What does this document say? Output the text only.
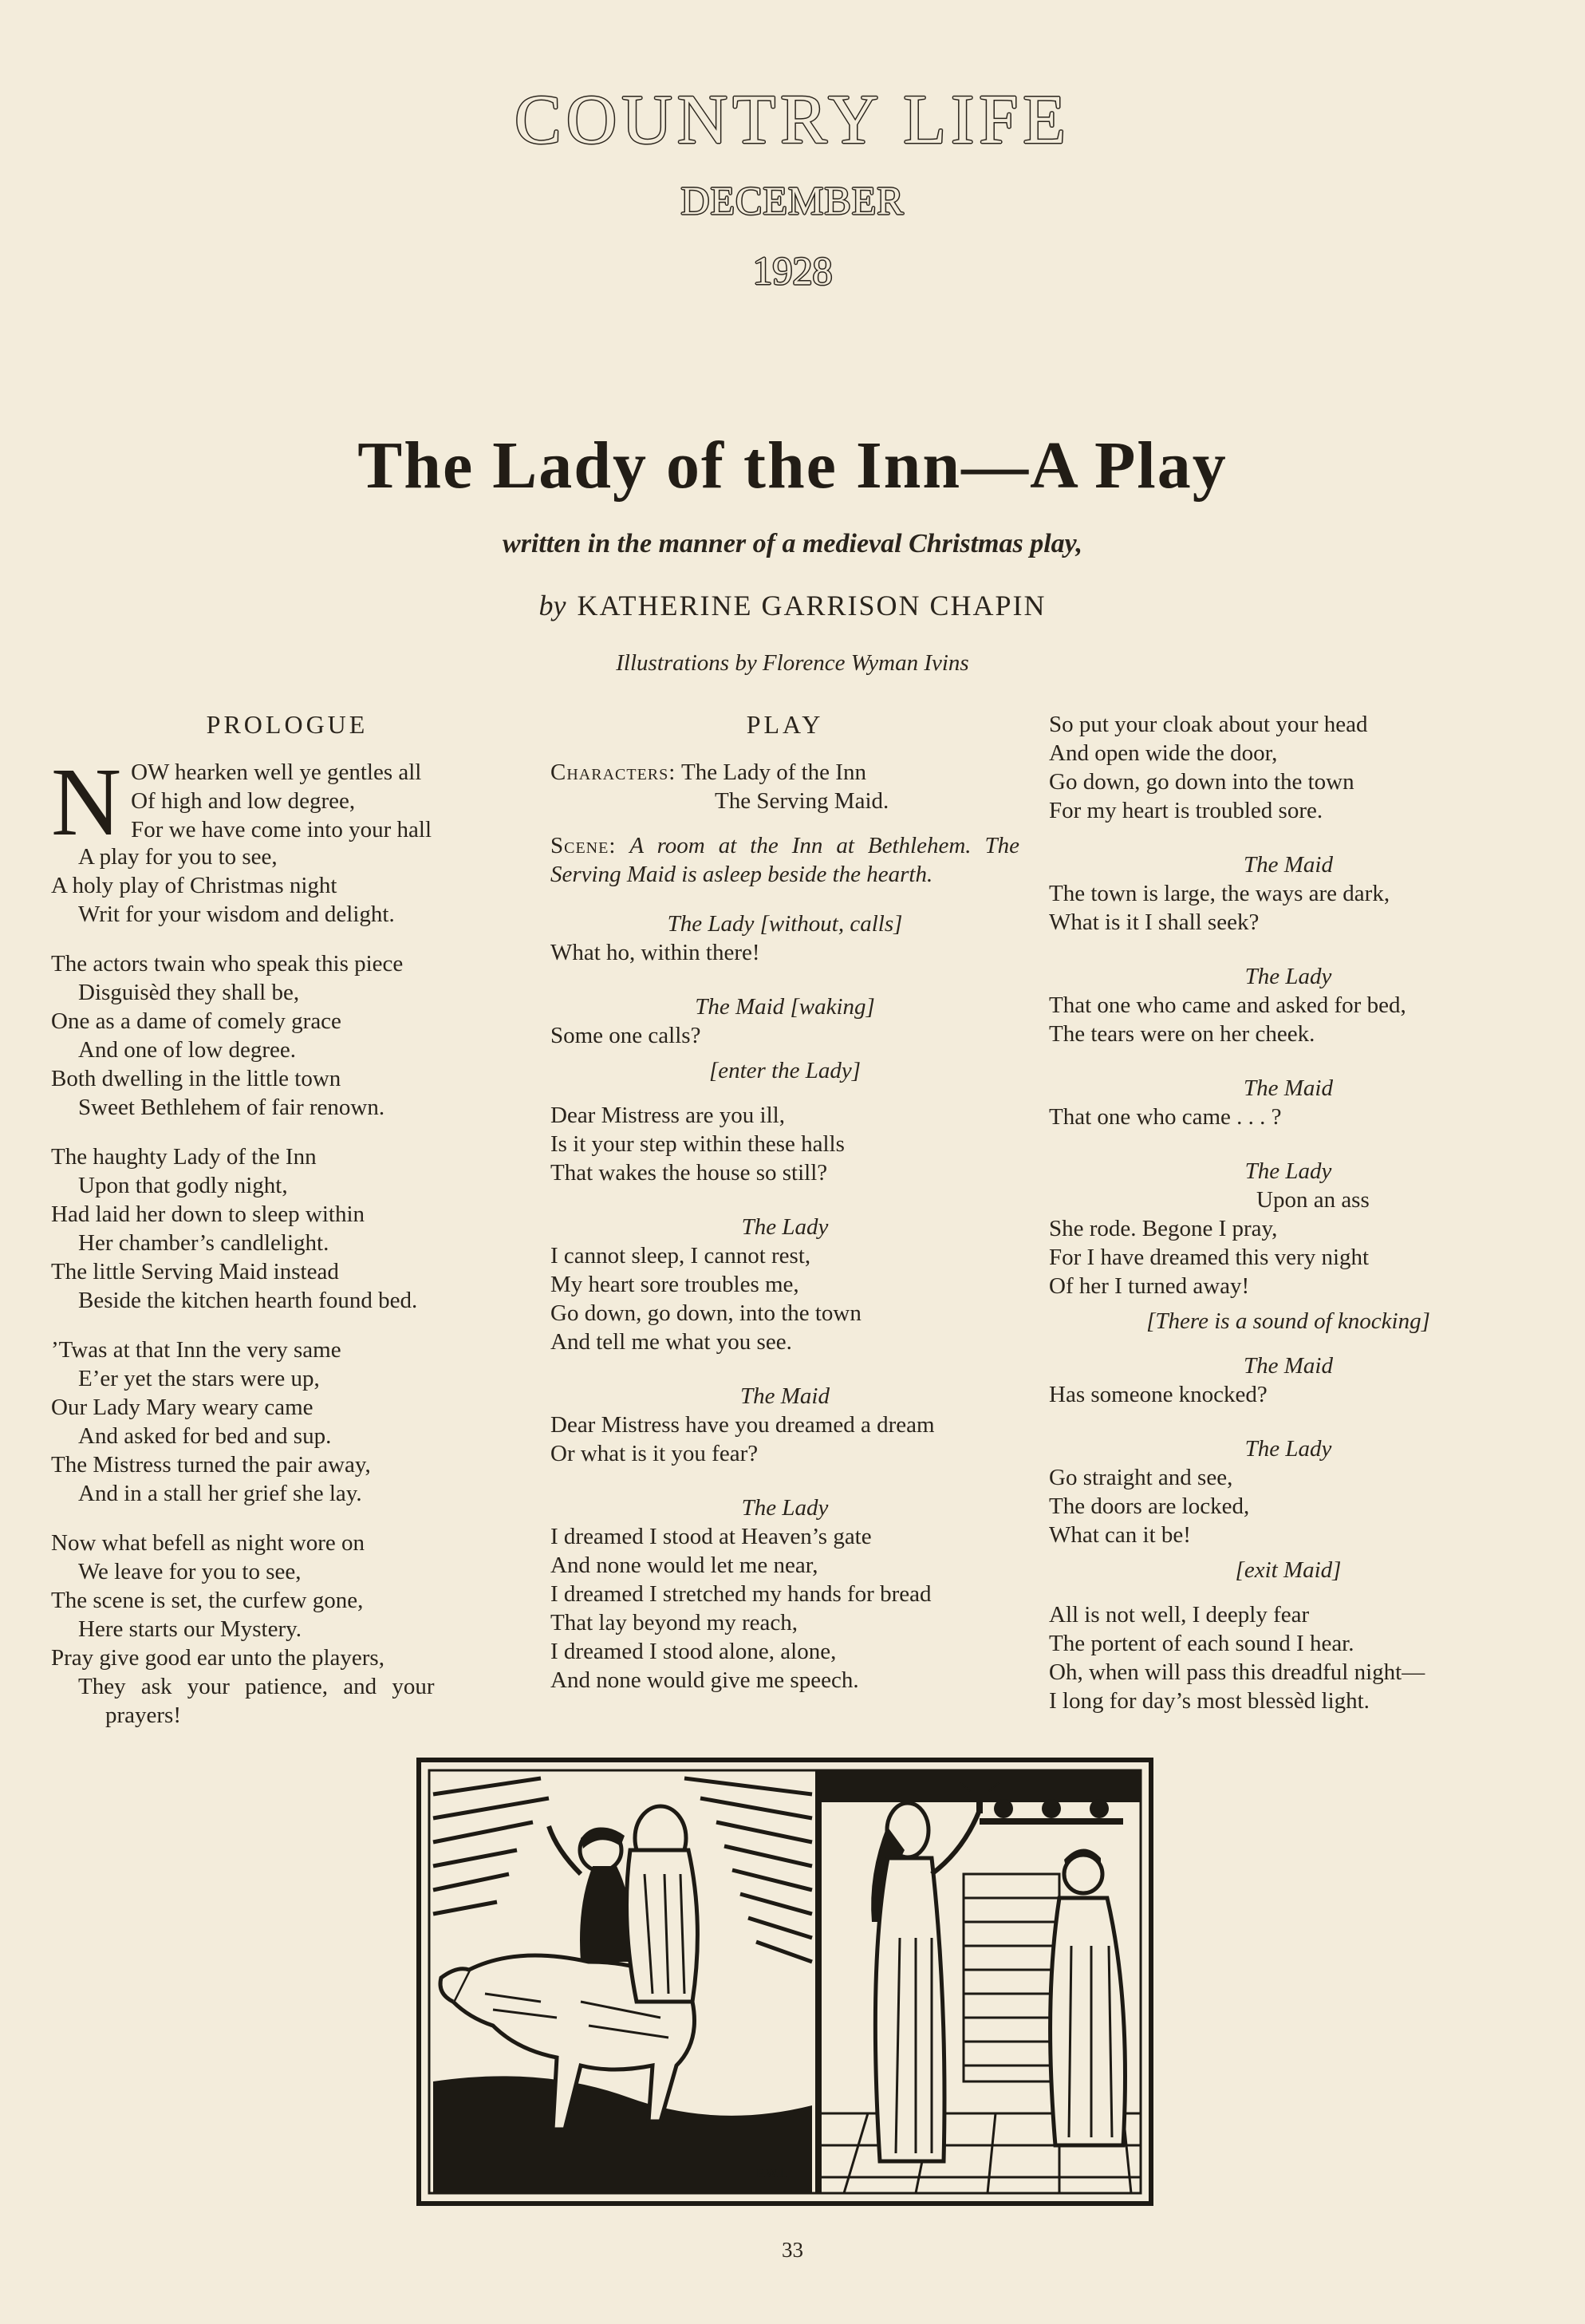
COUNTRY LIFE
DECEMBER
1928
The Lady of the Inn—A Play
written in the manner of a medieval Christmas play,
by KATHERINE GARRISON CHAPIN
Illustrations by Florence Wyman Ivins
PROLOGUE
N OW hearken well ye gentles all
Of high and low degree,
For we have come into your hall
A play for you to see,
A holy play of Christmas night
Writ for your wisdom and delight.
The actors twain who speak this piece
Disguisèd they shall be,
One as a dame of comely grace
And one of low degree.
Both dwelling in the little town
Sweet Bethlehem of fair renown.
The haughty Lady of the Inn
Upon that godly night,
Had laid her down to sleep within
Her chamber’s candlelight.
The little Serving Maid instead
Beside the kitchen hearth found bed.
’Twas at that Inn the very same
E’er yet the stars were up,
Our Lady Mary weary came
And asked for bed and sup.
The Mistress turned the pair away,
And in a stall her grief she lay.
Now what befell as night wore on
We leave for you to see,
The scene is set, the curfew gone,
Here starts our Mystery.
Pray give good ear unto the players,
They ask your patience, and your
prayers!
PLAY
Characters: The Lady of the Inn
The Serving Maid.
Scene: A room at the Inn at Bethlehem. The Serving Maid is asleep beside the hearth.
The Lady [without, calls]
What ho, within there!
The Maid [waking]
Some one calls?
[enter the Lady]
Dear Mistress are you ill,
Is it your step within these halls
That wakes the house so still?
The Lady
I cannot sleep, I cannot rest,
My heart sore troubles me,
Go down, go down, into the town
And tell me what you see.
The Maid
Dear Mistress have you dreamed a dream
Or what is it you fear?
The Lady
I dreamed I stood at Heaven’s gate
And none would let me near,
I dreamed I stretched my hands for bread
That lay beyond my reach,
I dreamed I stood alone, alone,
And none would give me speech.
So put your cloak about your head
And open wide the door,
Go down, go down into the town
For my heart is troubled sore.
The Maid
The town is large, the ways are dark,
What is it I shall seek?
The Lady
That one who came and asked for bed,
The tears were on her cheek.
The Maid
That one who came . . . ?
The Lady
Upon an ass
She rode. Begone I pray,
For I have dreamed this very night
Of her I turned away!
[There is a sound of knocking]
The Maid
Has someone knocked?
The Lady
Go straight and see,
The doors are locked,
What can it be!
[exit Maid]
All is not well, I deeply fear
The portent of each sound I hear.
Oh, when will pass this dreadful night—
I long for day’s most blessèd light.
F.W.I.
33
